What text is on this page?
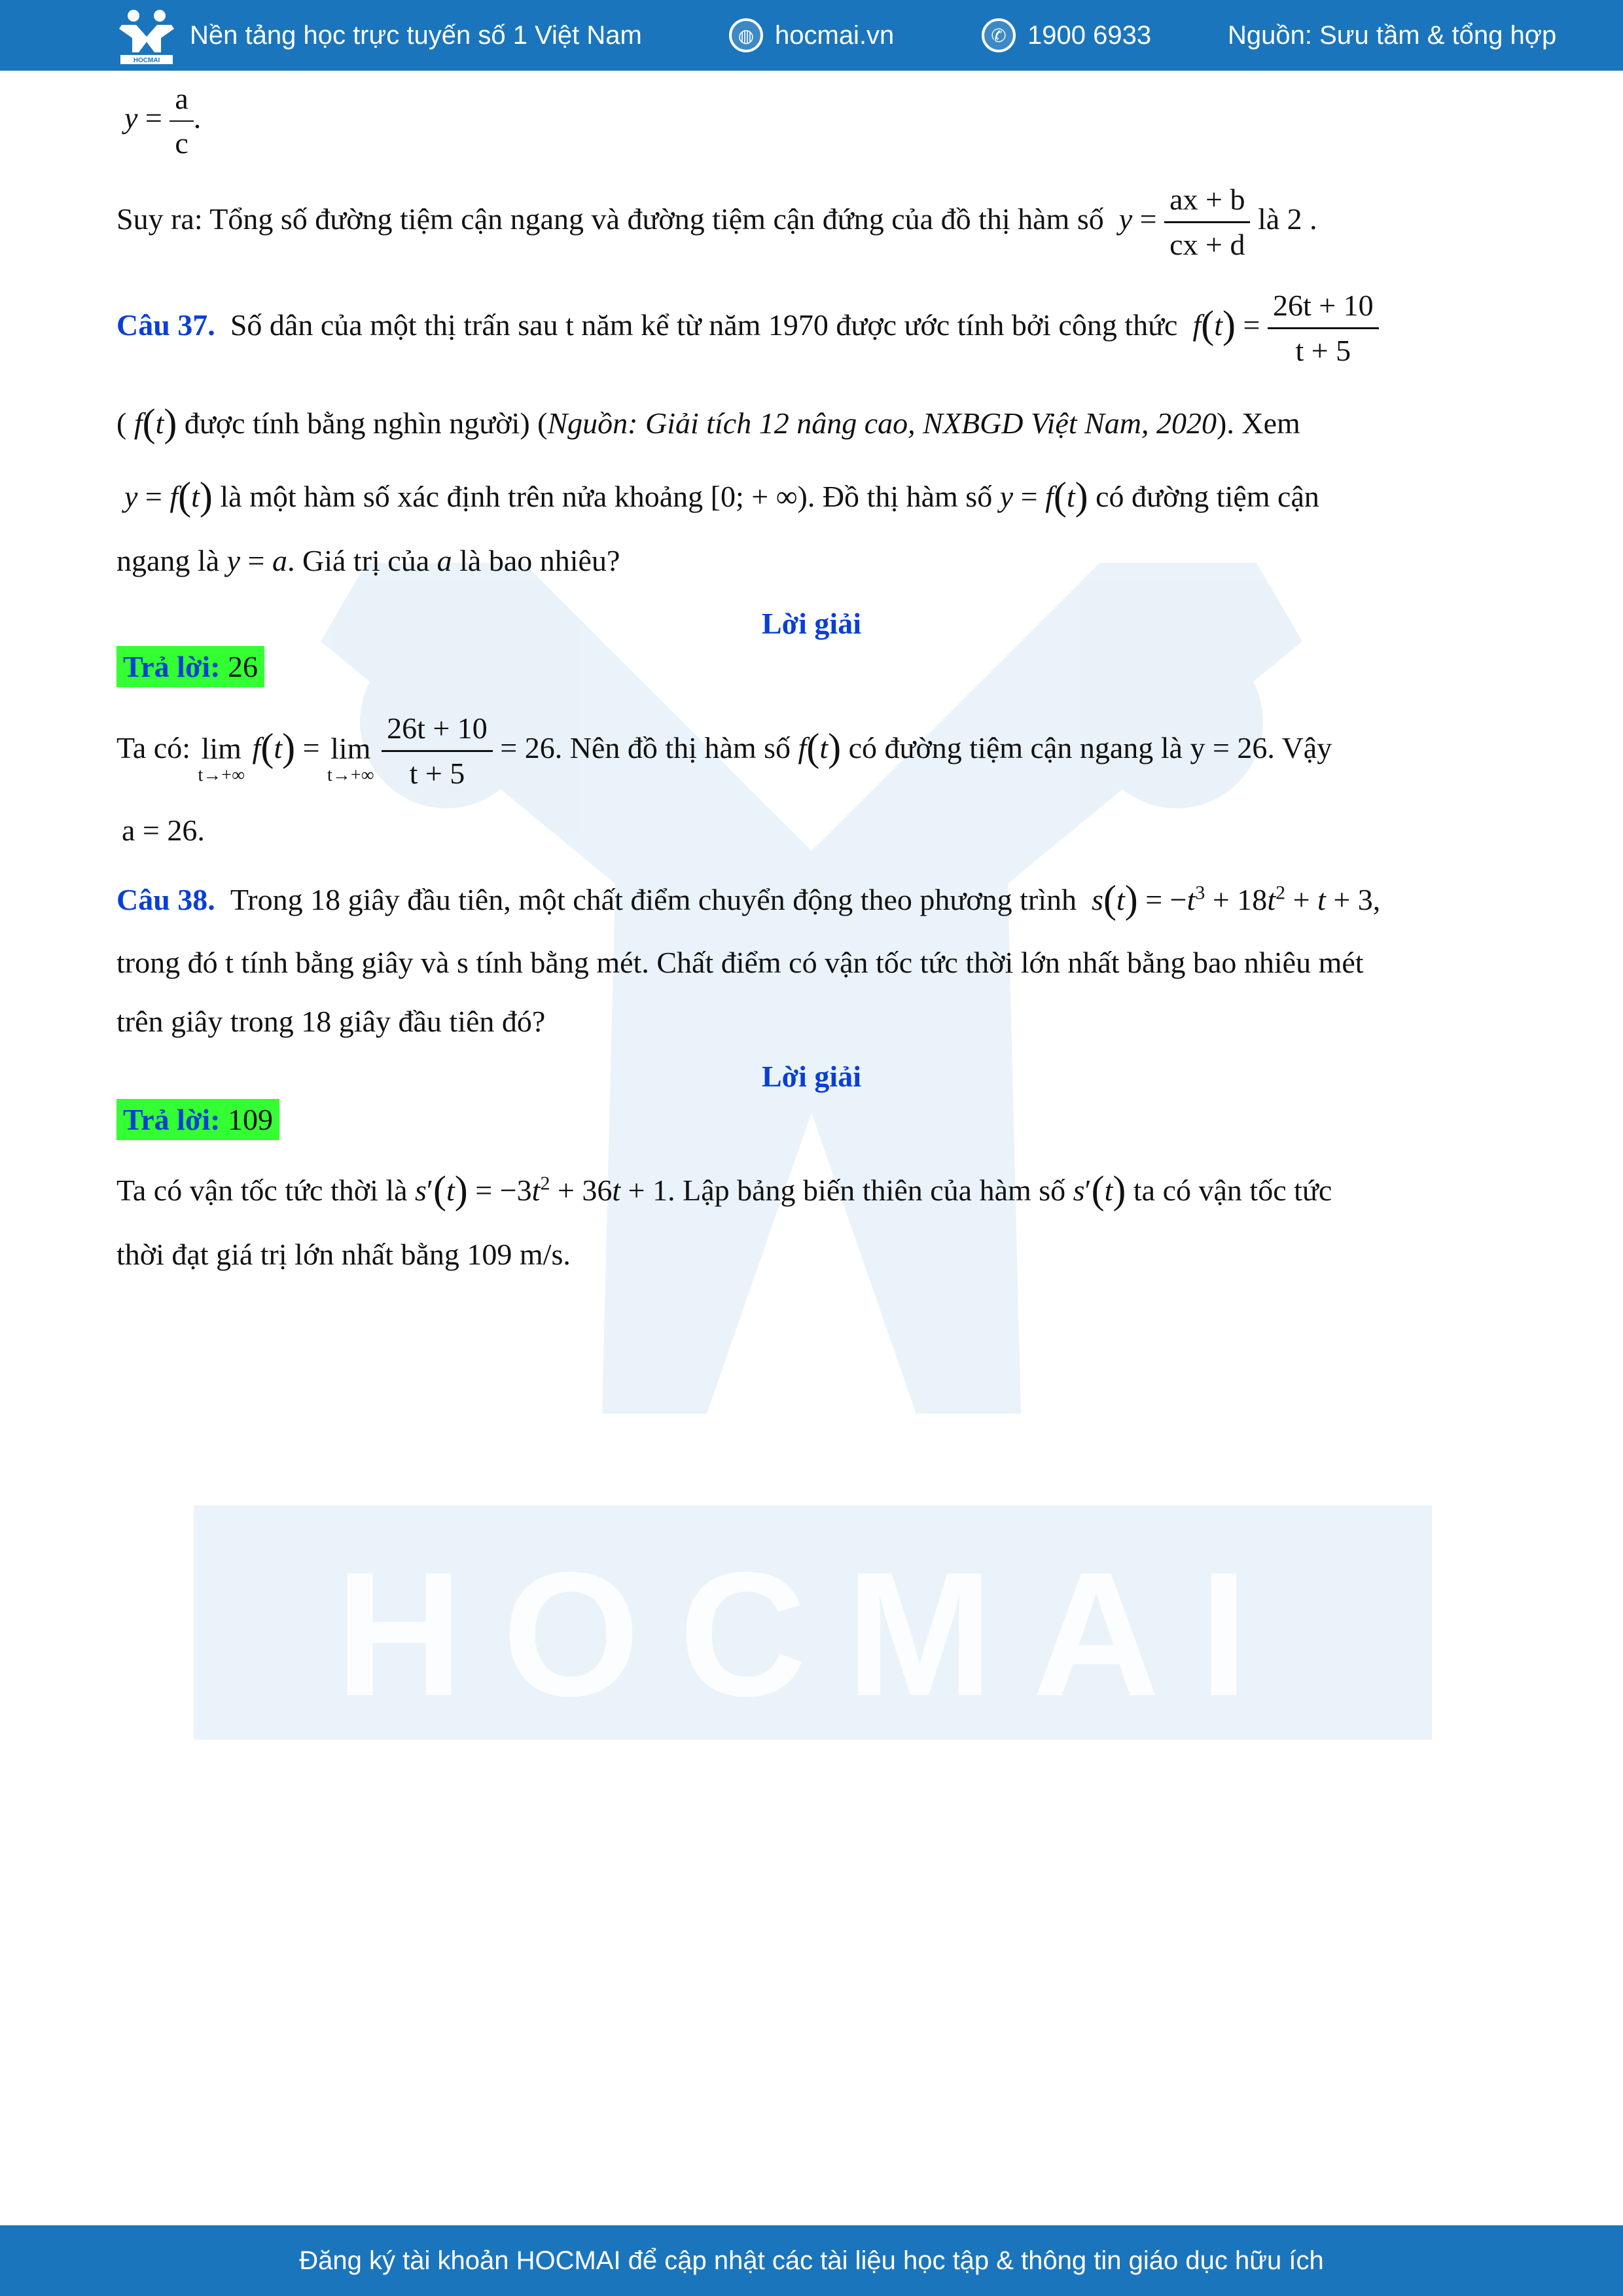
HOCMAI
HOCMAI
Nền tảng học trực tuyến số 1 Việt Nam	◍ hocmai.vn	✆ 1900 6933	Nguồn: Sưu tầm & tổng hợp
$y = \frac{a}{c}$ .
Suy ra: Tổng số đường tiệm cận ngang và đường tiệm cận đứng của đồ thị hàm số $y = \frac{ax + b}{cx + d}$ là 2 .
Câu 37. Số dân của một thị trấn sau t năm kể từ năm 1970 được ước tính bởi công thức $f(t) = \frac{26t + 10}{t + 5}$
( f(t) được tính bằng nghìn người) (Nguồn: Giải tích 12 nâng cao, NXBGD Việt Nam, 2020). Xem
y = f(t) là một hàm số xác định trên nửa khoảng [0; + ∞). Đồ thị hàm số y = f(t) có đường tiệm cận
ngang là y = a. Giá trị của a là bao nhiêu?
Lời giải
Trả lời: 26
Ta có: lim
t→+∞
f(t) = lim
t→+∞
$\frac{26t + 10}{t + 5} = 26$. Nên đồ thị hàm số f(t) có đường tiệm cận ngang là y = 26. Vậy
a = 26.
Câu 38. Trong 18 giây đầu tiên, một chất điểm chuyển động theo phương trình $s(t) = -t^3 + 18t^2 + t + 3$,
trong đó t tính bằng giây và s tính bằng mét. Chất điểm có vận tốc tức thời lớn nhất bằng bao nhiêu mét
trên giây trong 18 giây đầu tiên đó?
Lời giải
Trả lời: 109
Ta có vận tốc tức thời là $s'(t) = -3t^2 + 36t + 1$. Lập bảng biến thiên của hàm số s′(t) ta có vận tốc tức
thời đạt giá trị lớn nhất bằng 109 m/s.
Đăng ký tài khoản HOCMAI để cập nhật các tài liệu học tập & thông tin giáo dục hữu ích
